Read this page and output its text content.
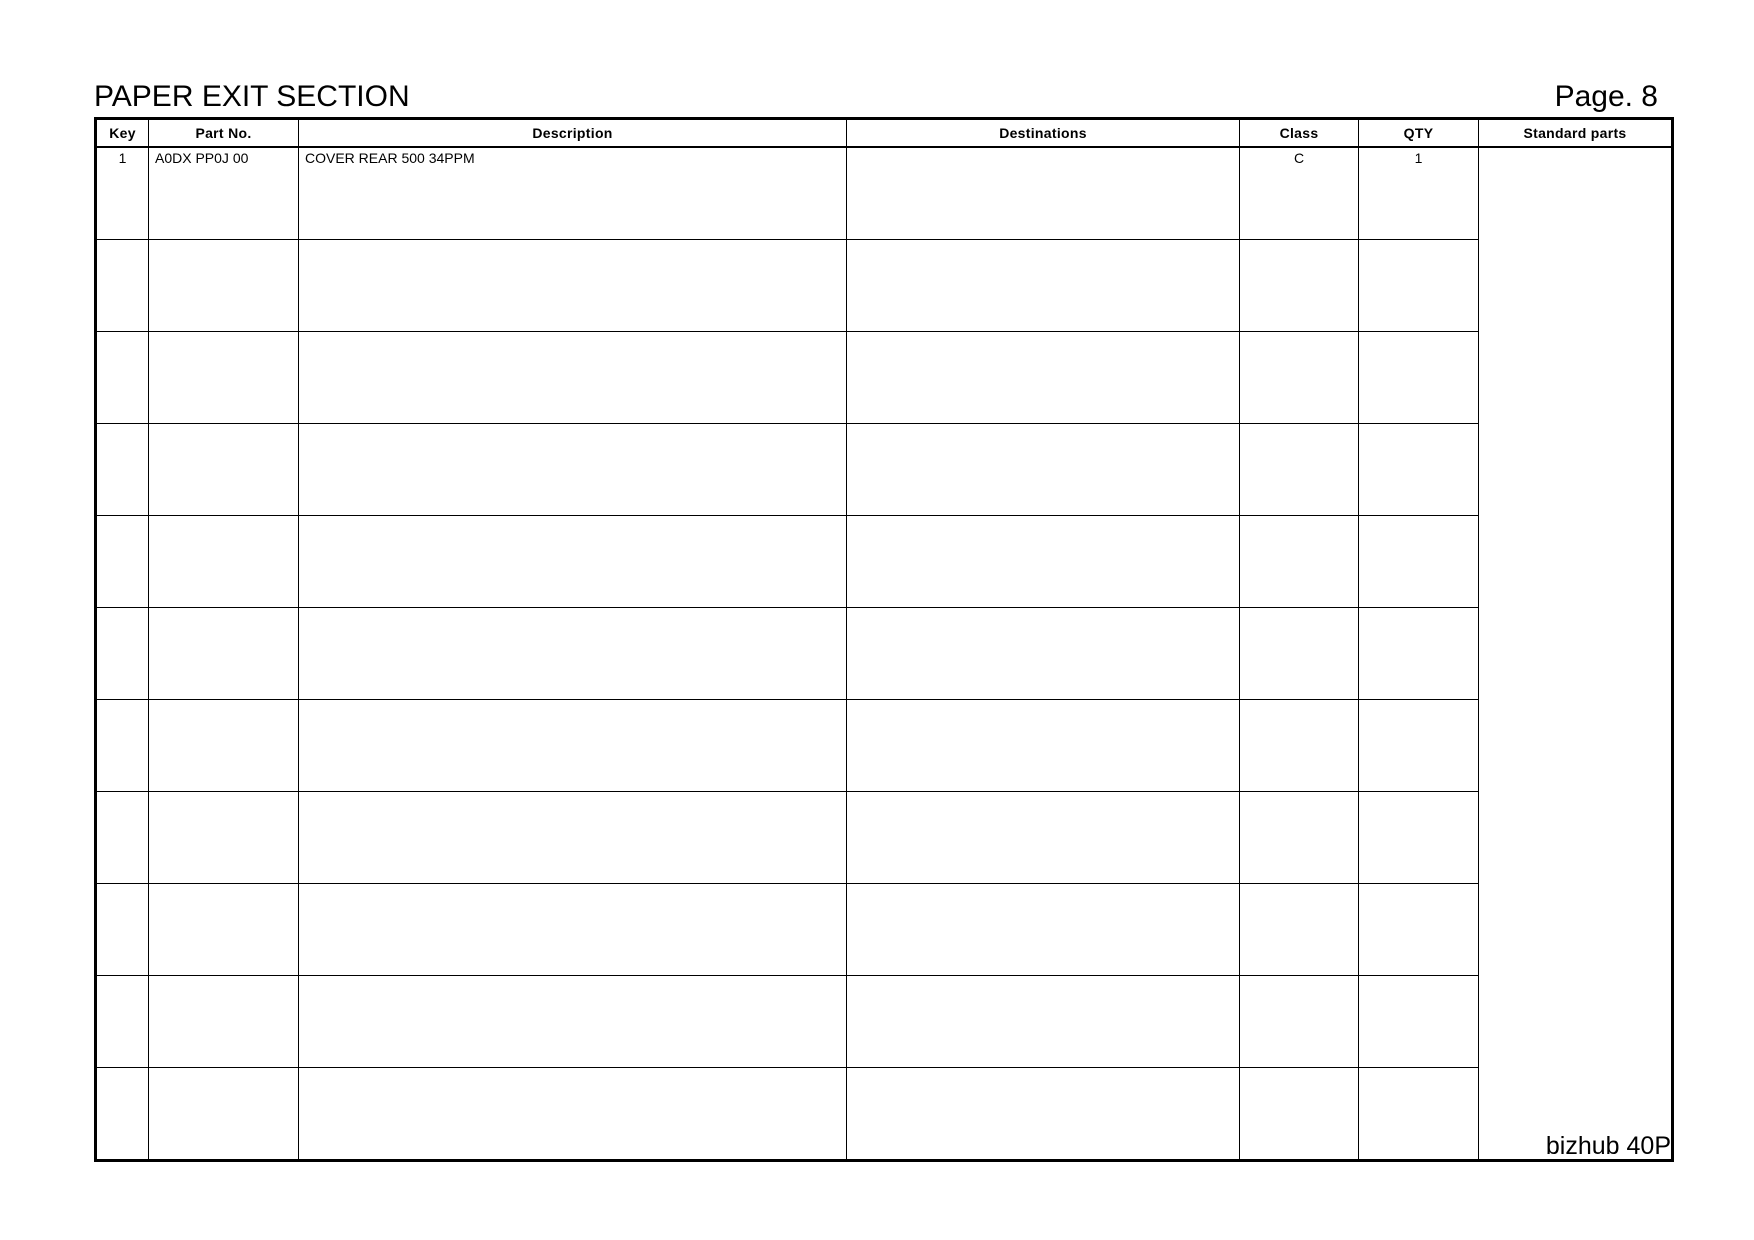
PAPER EXIT SECTION	Page. 8
Key	Part No.	Description	Destinations	Class	QTY	Standard parts
1	A0DX PP0J 00	COVER REAR 500 34PPM		C	1	

bizhub 40P
